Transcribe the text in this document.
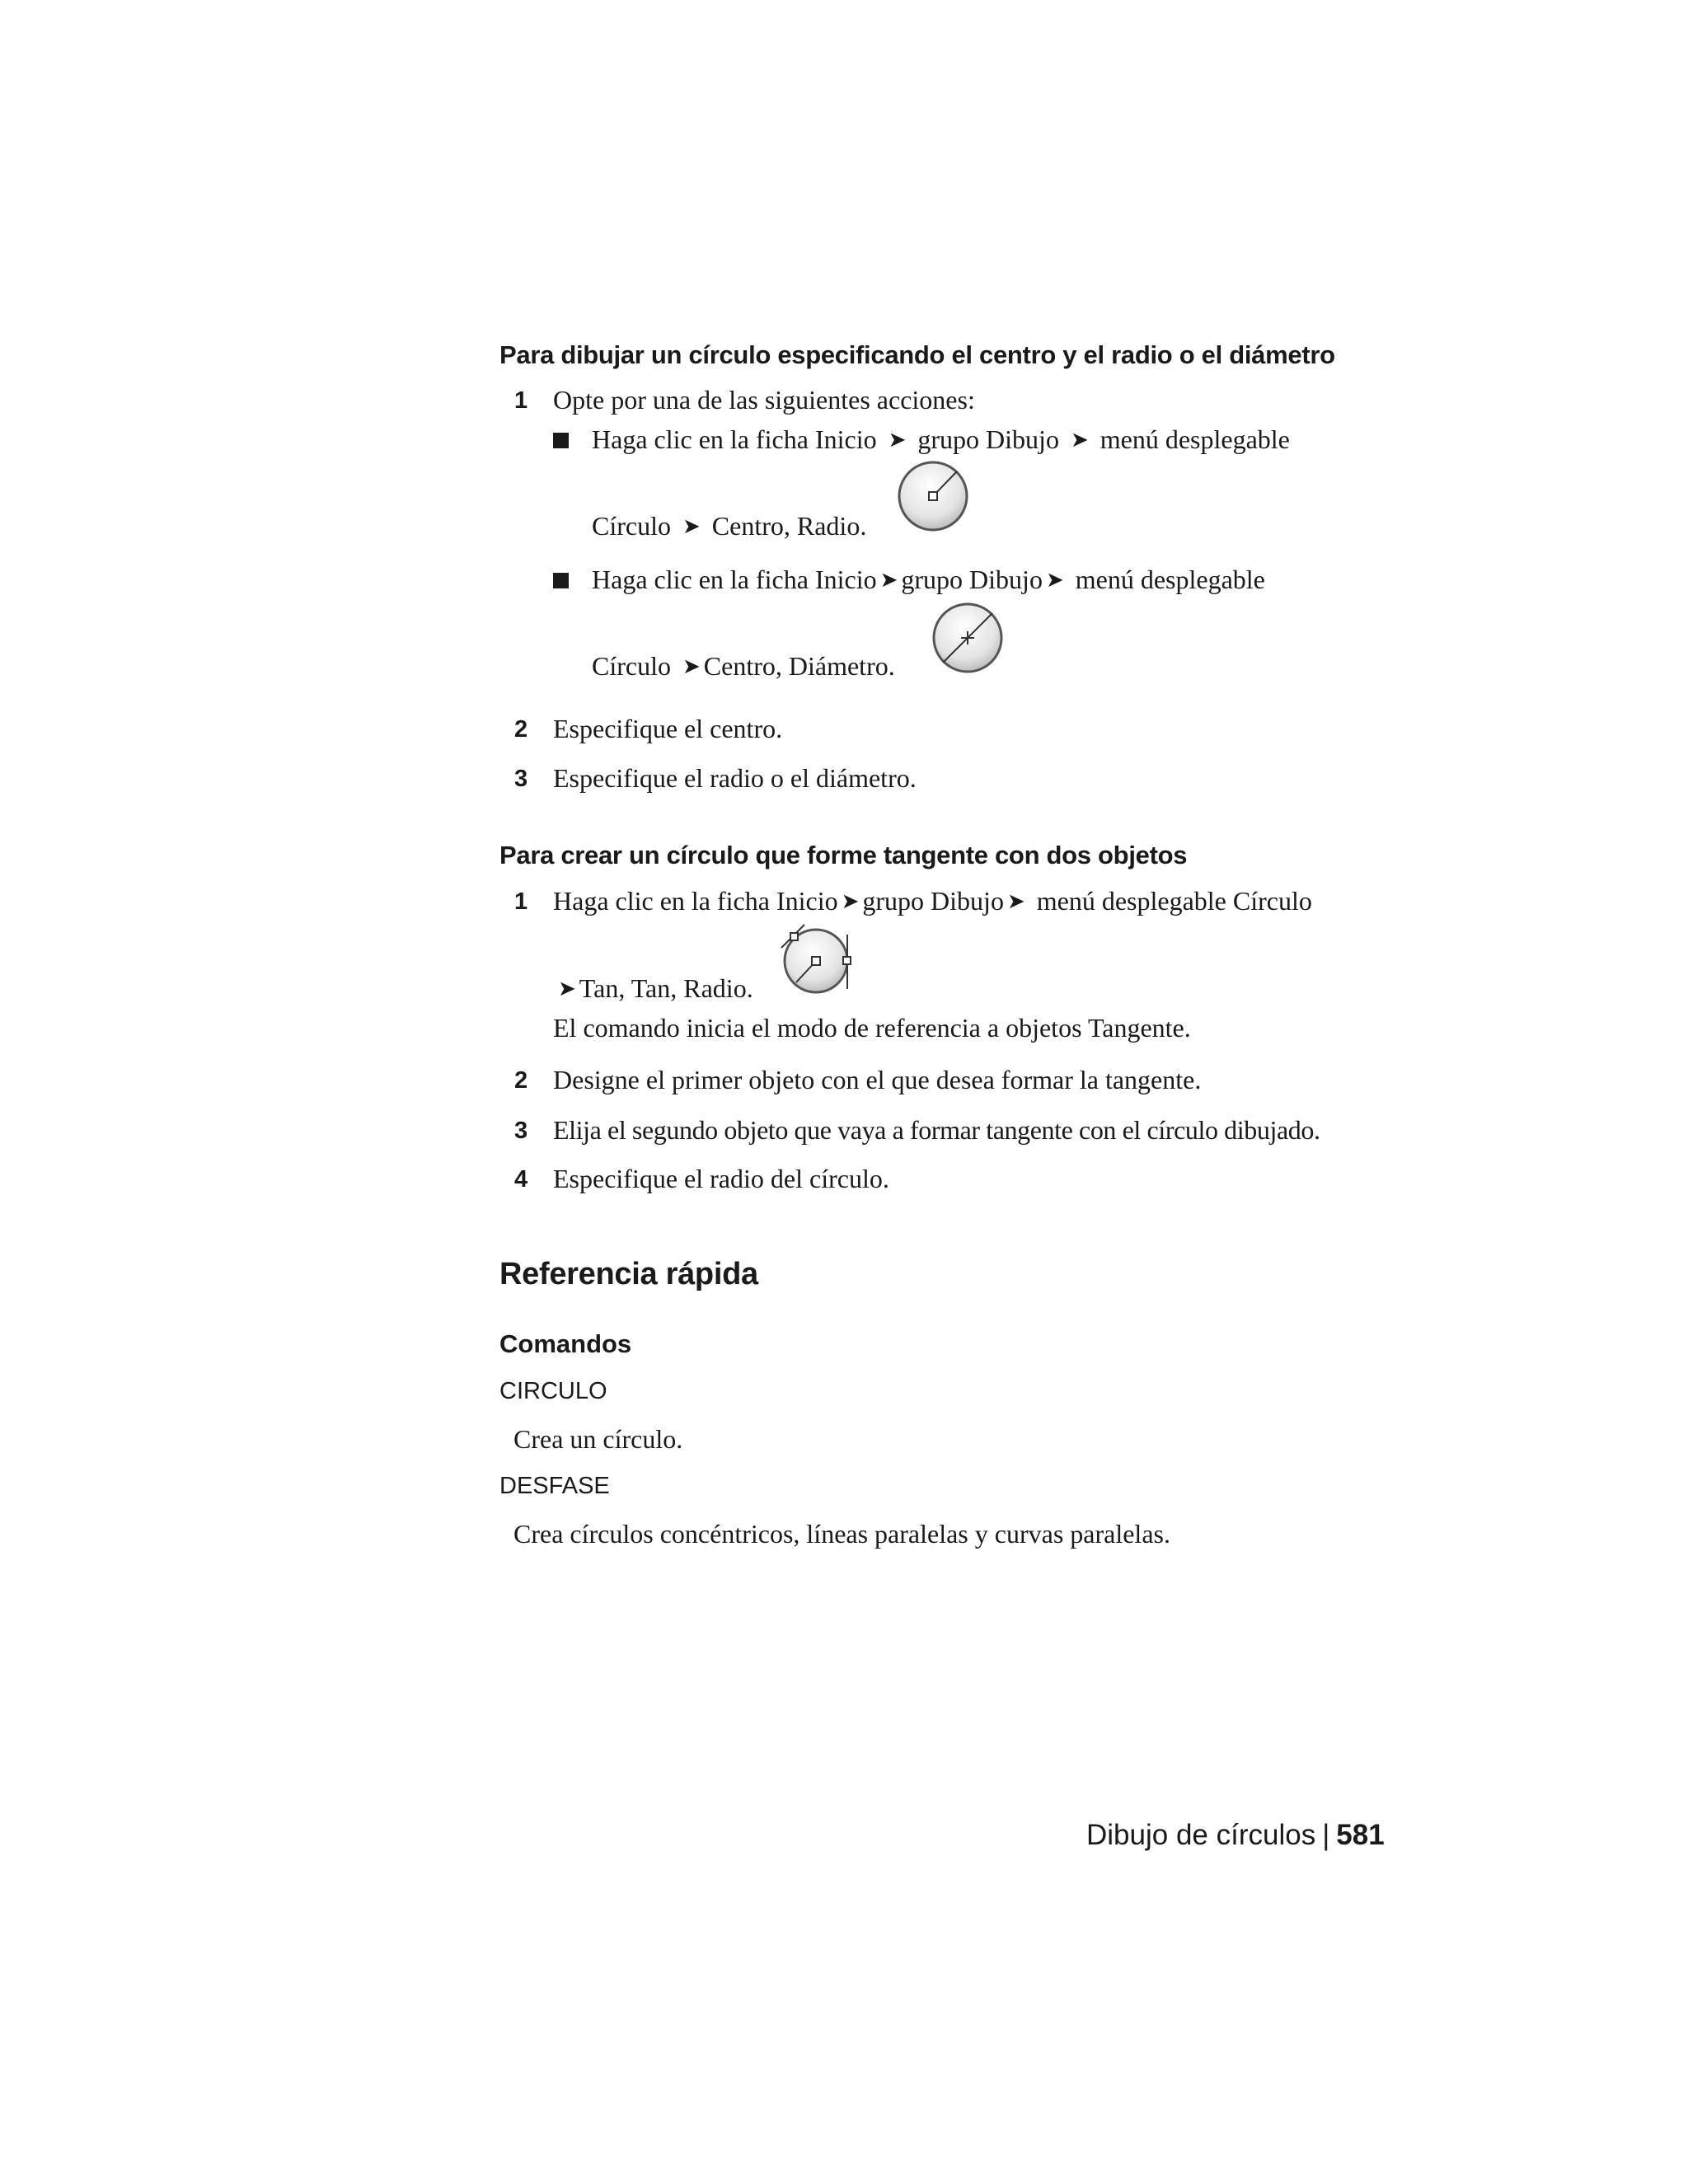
Para dibujar un círculo especificando el centro y el radio o el diámetro
1 Opte por una de las siguientes acciones:
Haga clic en la ficha Inicio ➤ grupo Dibujo ➤ menú desplegable
Círculo ➤ Centro, Radio.
Haga clic en la ficha Inicio ➤ grupo Dibujo ➤ menú desplegable
Círculo ➤ Centro, Diámetro.
2 Especifique el centro.
3 Especifique el radio o el diámetro.
Para crear un círculo que forme tangente con dos objetos
1 Haga clic en la ficha Inicio ➤ grupo Dibujo ➤ menú desplegable Círculo
➤ Tan, Tan, Radio.
El comando inicia el modo de referencia a objetos Tangente.
2 Designe el primer objeto con el que desea formar la tangente.
3 Elija el segundo objeto que vaya a formar tangente con el círculo dibujado.
4 Especifique el radio del círculo.
Referencia rápida
Comandos
CIRCULO
Crea un círculo.
DESFASE
Crea círculos concéntricos, líneas paralelas y curvas paralelas.
Dibujo de círculos | 581
